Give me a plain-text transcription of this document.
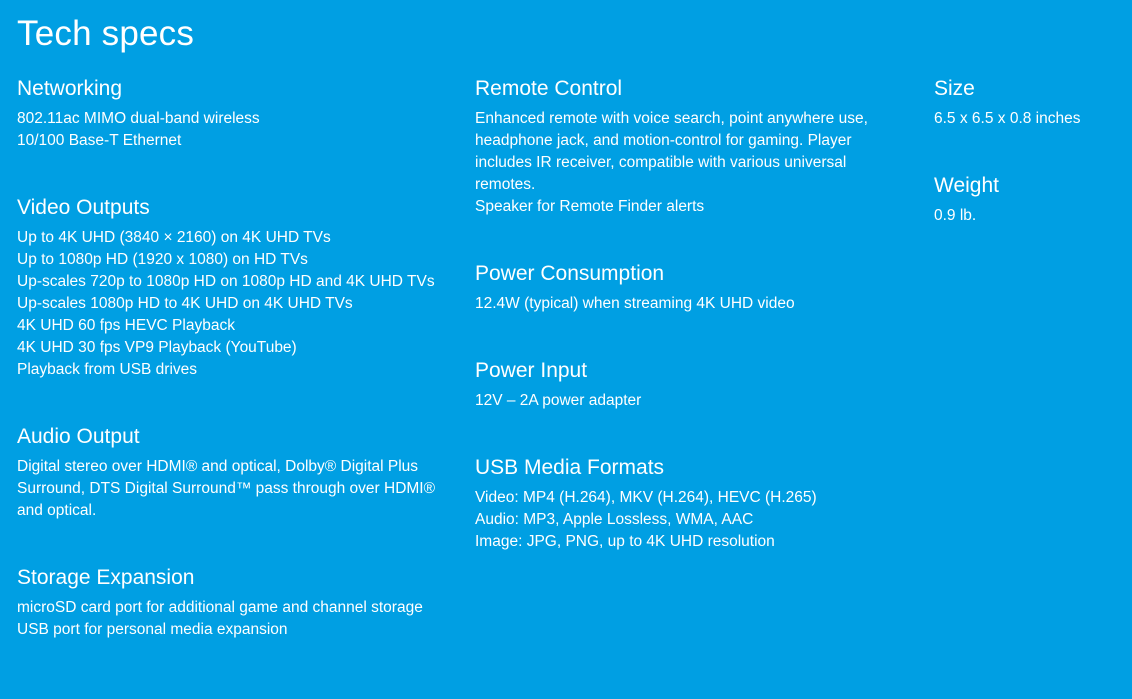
Tech specs
Networking
802.11ac MIMO dual-band wireless
10/100 Base-T Ethernet
Video Outputs
Up to 4K UHD (3840 × 2160) on 4K UHD TVs
Up to 1080p HD (1920 x 1080) on HD TVs
Up-scales 720p to 1080p HD on 1080p HD and 4K UHD TVs
Up-scales 1080p HD to 4K UHD on 4K UHD TVs
4K UHD 60 fps HEVC Playback
4K UHD 30 fps VP9 Playback (YouTube)
Playback from USB drives
Audio Output
Digital stereo over HDMI® and optical, Dolby® Digital Plus Surround, DTS Digital Surround™ pass through over HDMI® and optical.
Storage Expansion
microSD card port for additional game and channel storage
USB port for personal media expansion
Remote Control
Enhanced remote with voice search, point anywhere use, headphone jack, and motion-control for gaming. Player includes IR receiver, compatible with various universal remotes.
Speaker for Remote Finder alerts
Power Consumption
12.4W (typical) when streaming 4K UHD video
Power Input
12V – 2A power adapter
USB Media Formats
Video: MP4 (H.264), MKV (H.264), HEVC (H.265)
Audio: MP3, Apple Lossless, WMA, AAC
Image: JPG, PNG, up to 4K UHD resolution
Size
6.5 x 6.5 x 0.8 inches
Weight
0.9 lb.
